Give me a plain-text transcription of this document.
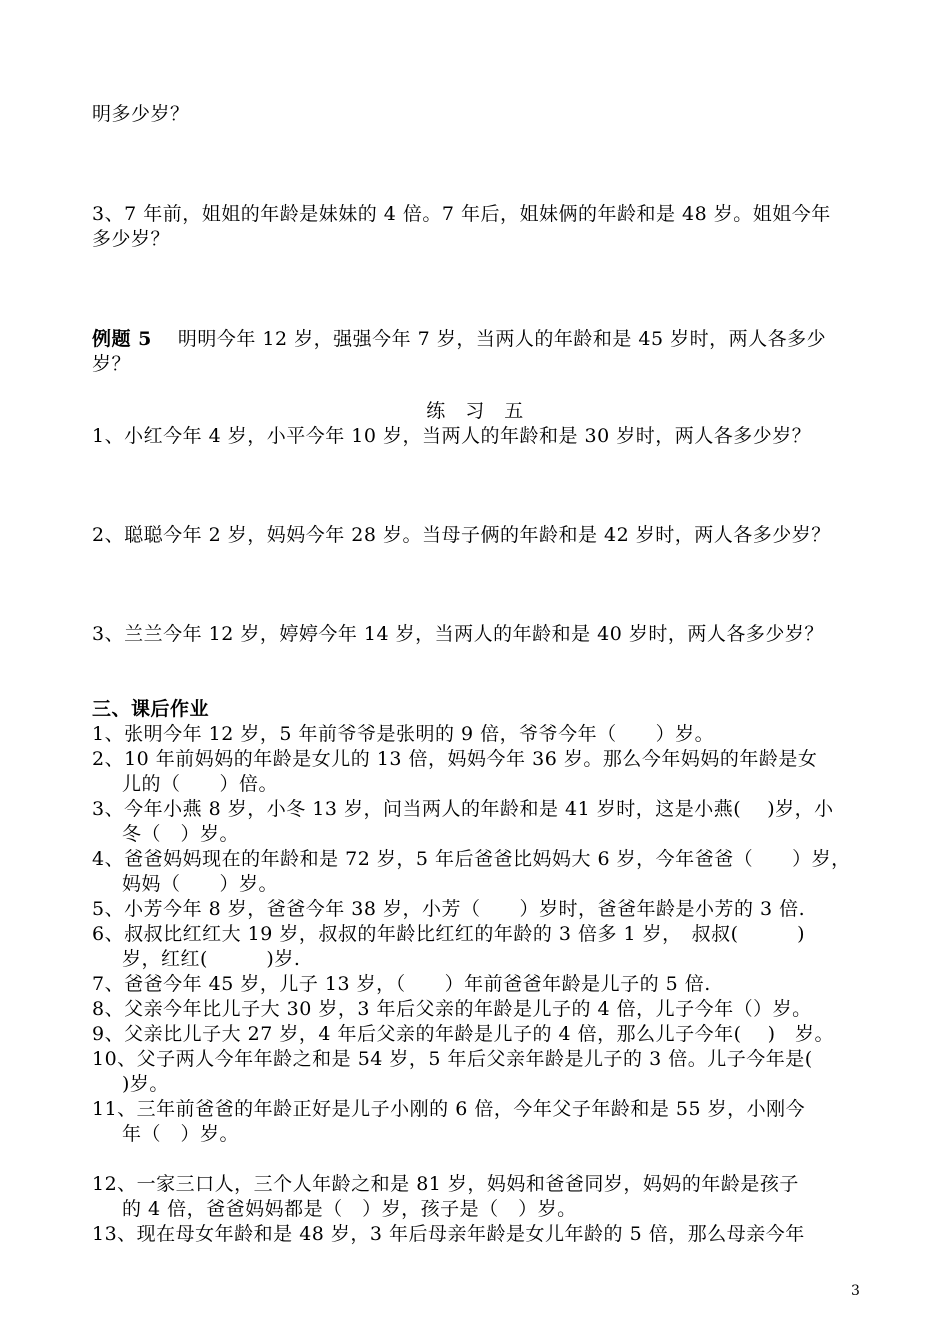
明多少岁？
3、7 年前，姐姐的年龄是妹妹的 4 倍。7 年后，姐妹俩的年龄和是 48 岁。姐姐今年
多少岁？
例题 5　 明明今年 12 岁，强强今年 7 岁，当两人的年龄和是 45 岁时，两人各多少
岁？
练　习　五
1、小红今年 4 岁，小平今年 10 岁，当两人的年龄和是 30 岁时，两人各多少岁？
2、聪聪今年 2 岁，妈妈今年 28 岁。当母子俩的年龄和是 42 岁时，两人各多少岁？
3、兰兰今年 12 岁，婷婷今年 14 岁，当两人的年龄和是 40 岁时，两人各多少岁？
三、课后作业
1、张明今年 12 岁，5 年前爷爷是张明的 9 倍，爷爷今年（　　）岁。
2、10 年前妈妈的年龄是女儿的 13 倍，妈妈今年 36 岁。那么今年妈妈的年龄是女
儿的（　　）倍。
3、今年小燕 8 岁，小冬 13 岁，问当两人的年龄和是 41 岁时，这是小燕(　 )岁，小
冬（　）岁。
4、爸爸妈妈现在的年龄和是 72 岁，5 年后爸爸比妈妈大 6 岁，今年爸爸（　　）岁，
妈妈（　　）岁。
5、小芳今年 8 岁，爸爸今年 38 岁，小芳（　　）岁时，爸爸年龄是小芳的 3 倍.
6、叔叔比红红大 19 岁，叔叔的年龄比红红的年龄的 3 倍多 1 岁，　叔叔(　　　)
岁，红红(　　　)岁.
7、爸爸今年 45 岁，儿子 13 岁，（　　）年前爸爸年龄是儿子的 5 倍.
8、父亲今年比儿子大 30 岁，3 年后父亲的年龄是儿子的 4 倍，儿子今年（）岁。
9、父亲比儿子大 27 岁，4 年后父亲的年龄是儿子的 4 倍，那么儿子今年(　 )　岁。
10、父子两人今年年龄之和是 54 岁，5 年后父亲年龄是儿子的 3 倍。儿子今年是(
)岁。
11、三年前爸爸的年龄正好是儿子小刚的 6 倍，今年父子年龄和是 55 岁，小刚今
年（　）岁。
12、一家三口人，三个人年龄之和是 81 岁，妈妈和爸爸同岁，妈妈的年龄是孩子
的 4 倍，爸爸妈妈都是（　）岁，孩子是（　）岁。
13、现在母女年龄和是 48 岁，3 年后母亲年龄是女儿年龄的 5 倍，那么母亲今年
3
